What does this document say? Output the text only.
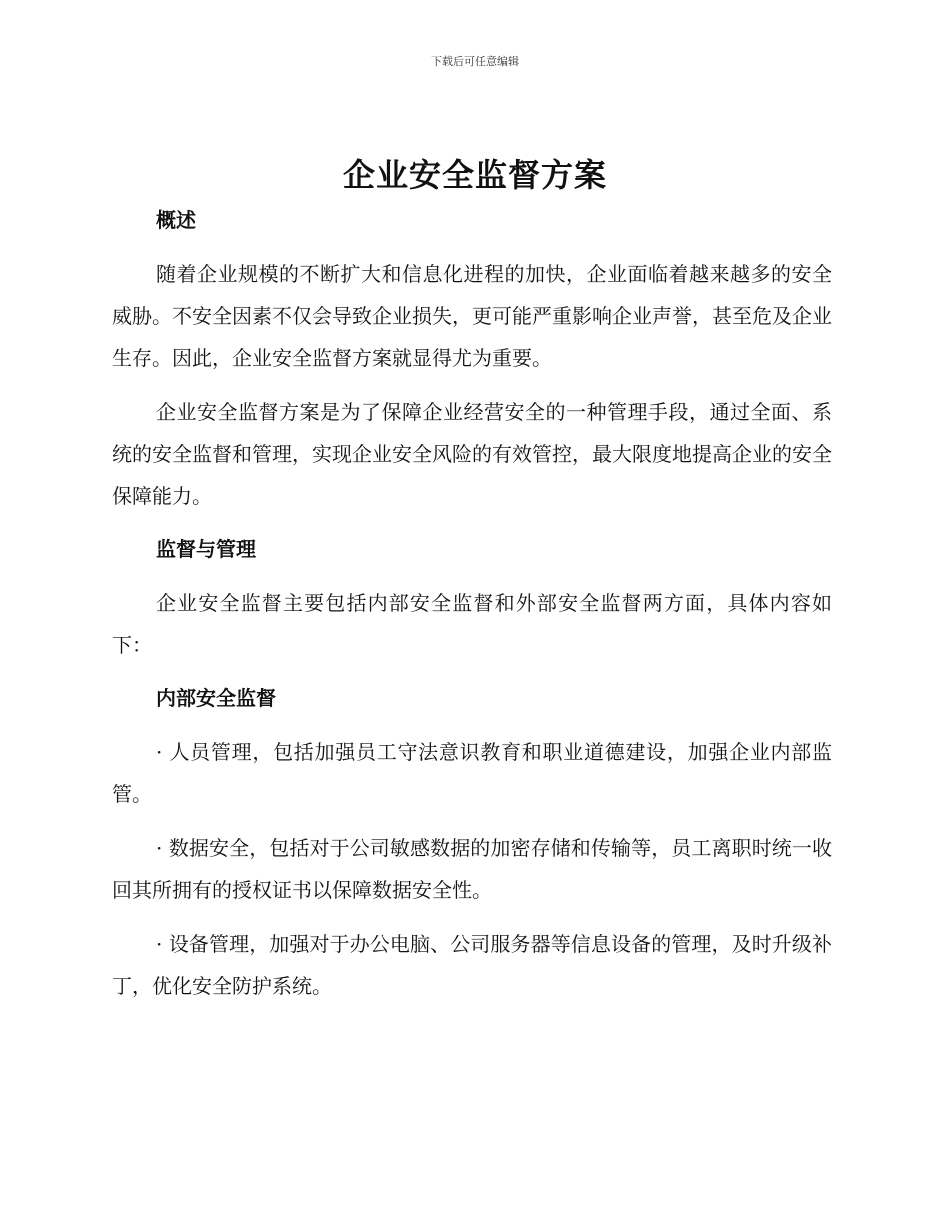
下载后可任意编辑
企业安全监督方案
概述

随着企业规模的不断扩大和信息化进程的加快，企业面临着越来越多的安全威胁。不安全因素不仅会导致企业损失，更可能严重影响企业声誉，甚至危及企业生存。因此，企业安全监督方案就显得尤为重要。

企业安全监督方案是为了保障企业经营安全的一种管理手段，通过全面、系统的安全监督和管理，实现企业安全风险的有效管控，最大限度地提高企业的安全保障能力。

监督与管理

企业安全监督主要包括内部安全监督和外部安全监督两方面，具体内容如下：

内部安全监督

· 人员管理，包括加强员工守法意识教育和职业道德建设，加强企业内部监管。

· 数据安全，包括对于公司敏感数据的加密存储和传输等，员工离职时统一收回其所拥有的授权证书以保障数据安全性。

· 设备管理，加强对于办公电脑、公司服务器等信息设备的管理，及时升级补丁，优化安全防护系统。
